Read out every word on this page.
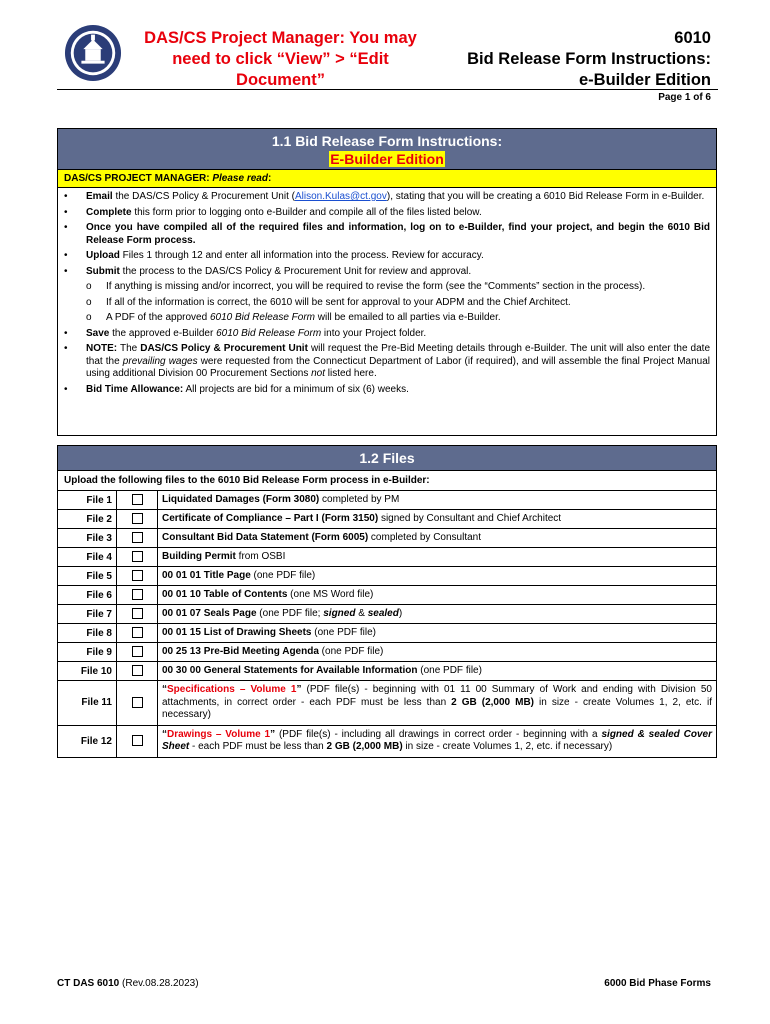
DAS/CS Project Manager: You may
need to click “View” > “Edit
Document”
6010
Bid Release Form Instructions:
e-Builder Edition
Page 1 of 6
1.1 Bid Release Form Instructions:
E-Builder Edition
DAS/CS PROJECT MANAGER: Please read:
• Email the DAS/CS Policy & Procurement Unit (Alison.Kulas@ct.gov), stating that you will be creating a 6010 Bid Release Form in e-Builder.
• Complete this form prior to logging onto e-Builder and compile all of the files listed below.
• Once you have compiled all of the required files and information, log on to e-Builder, find your project, and begin the 6010 Bid Release Form process.
• Upload Files 1 through 12 and enter all information into the process. Review for accuracy.
• Submit the process to the DAS/CS Policy & Procurement Unit for review and approval.
o If anything is missing and/or incorrect, you will be required to revise the form (see the “Comments” section in the process).
o If all of the information is correct, the 6010 will be sent for approval to your ADPM and the Chief Architect.
o A PDF of the approved 6010 Bid Release Form will be emailed to all parties via e-Builder.
• Save the approved e-Builder 6010 Bid Release Form into your Project folder.
• NOTE: The DAS/CS Policy & Procurement Unit will request the Pre-Bid Meeting details through e-Builder. The unit will also enter the date that the prevailing wages were requested from the Connecticut Department of Labor (if required), and will assemble the final Project Manual using additional Division 00 Procurement Sections not listed here.
• Bid Time Allowance: All projects are bid for a minimum of six (6) weeks.
1.2 Files
Upload the following files to the 6010 Bid Release Form process in e-Builder:
File 1		Liquidated Damages (Form 3080) completed by PM
File 2		Certificate of Compliance – Part I (Form 3150) signed by Consultant and Chief Architect
File 3		Consultant Bid Data Statement (Form 6005) completed by Consultant
File 4		Building Permit from OSBI
File 5		00 01 01 Title Page (one PDF file)
File 6		00 01 10 Table of Contents (one MS Word file)
File 7		00 01 07 Seals Page (one PDF file; signed & sealed)
File 8		00 01 15 List of Drawing Sheets (one PDF file)
File 9		00 25 13 Pre-Bid Meeting Agenda (one PDF file)
File 10		00 30 00 General Statements for Available Information (one PDF file)
File 11		“Specifications – Volume 1” (PDF file(s) - beginning with 01 11 00 Summary of Work and ending with Division 50 attachments, in correct order - each PDF must be less than 2 GB (2,000 MB) in size - create Volumes 1, 2, etc. if necessary)
File 12		“Drawings – Volume 1” (PDF file(s) - including all drawings in correct order - beginning with a signed & sealed Cover Sheet - each PDF must be less than 2 GB (2,000 MB) in size - create Volumes 1, 2, etc. if necessary)
CT DAS 6010 (Rev.08.28.2023)	6000 Bid Phase Forms
